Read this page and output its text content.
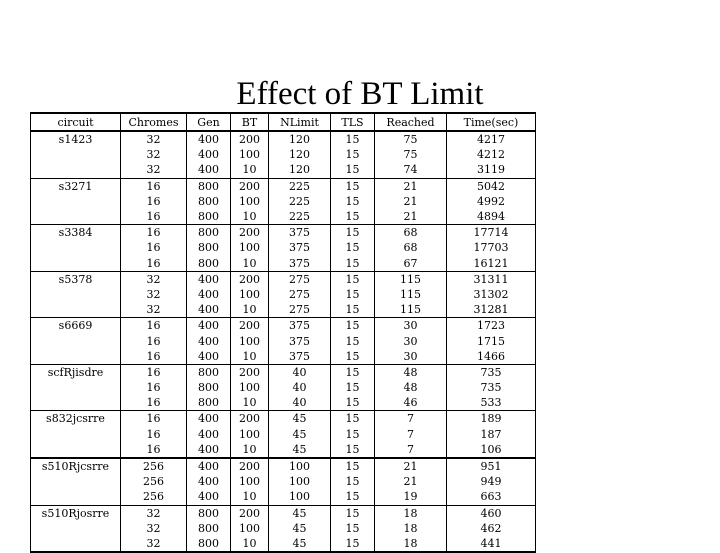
Effect of BT Limit
circuit	Chromes	Gen	BT	NLimit	TLS	Reached	Time(sec)
s1423	32	400	200	120	15	75	4217
	32	400	100	120	15	75	4212
	32	400	10	120	15	74	3119
s3271	16	800	200	225	15	21	5042
	16	800	100	225	15	21	4992
	16	800	10	225	15	21	4894
s3384	16	800	200	375	15	68	17714
	16	800	100	375	15	68	17703
	16	800	10	375	15	67	16121
s5378	32	400	200	275	15	115	31311
	32	400	100	275	15	115	31302
	32	400	10	275	15	115	31281
s6669	16	400	200	375	15	30	1723
	16	400	100	375	15	30	1715
	16	400	10	375	15	30	1466
scfRjisdre	16	800	200	40	15	48	735
	16	800	100	40	15	48	735
	16	800	10	40	15	46	533
s832jcsrre	16	400	200	45	15	7	189
	16	400	100	45	15	7	187
	16	400	10	45	15	7	106
s510Rjcsrre	256	400	200	100	15	21	951
	256	400	100	100	15	21	949
	256	400	10	100	15	19	663
s510Rjosrre	32	800	200	45	15	18	460
	32	800	100	45	15	18	462
	32	800	10	45	15	18	441
